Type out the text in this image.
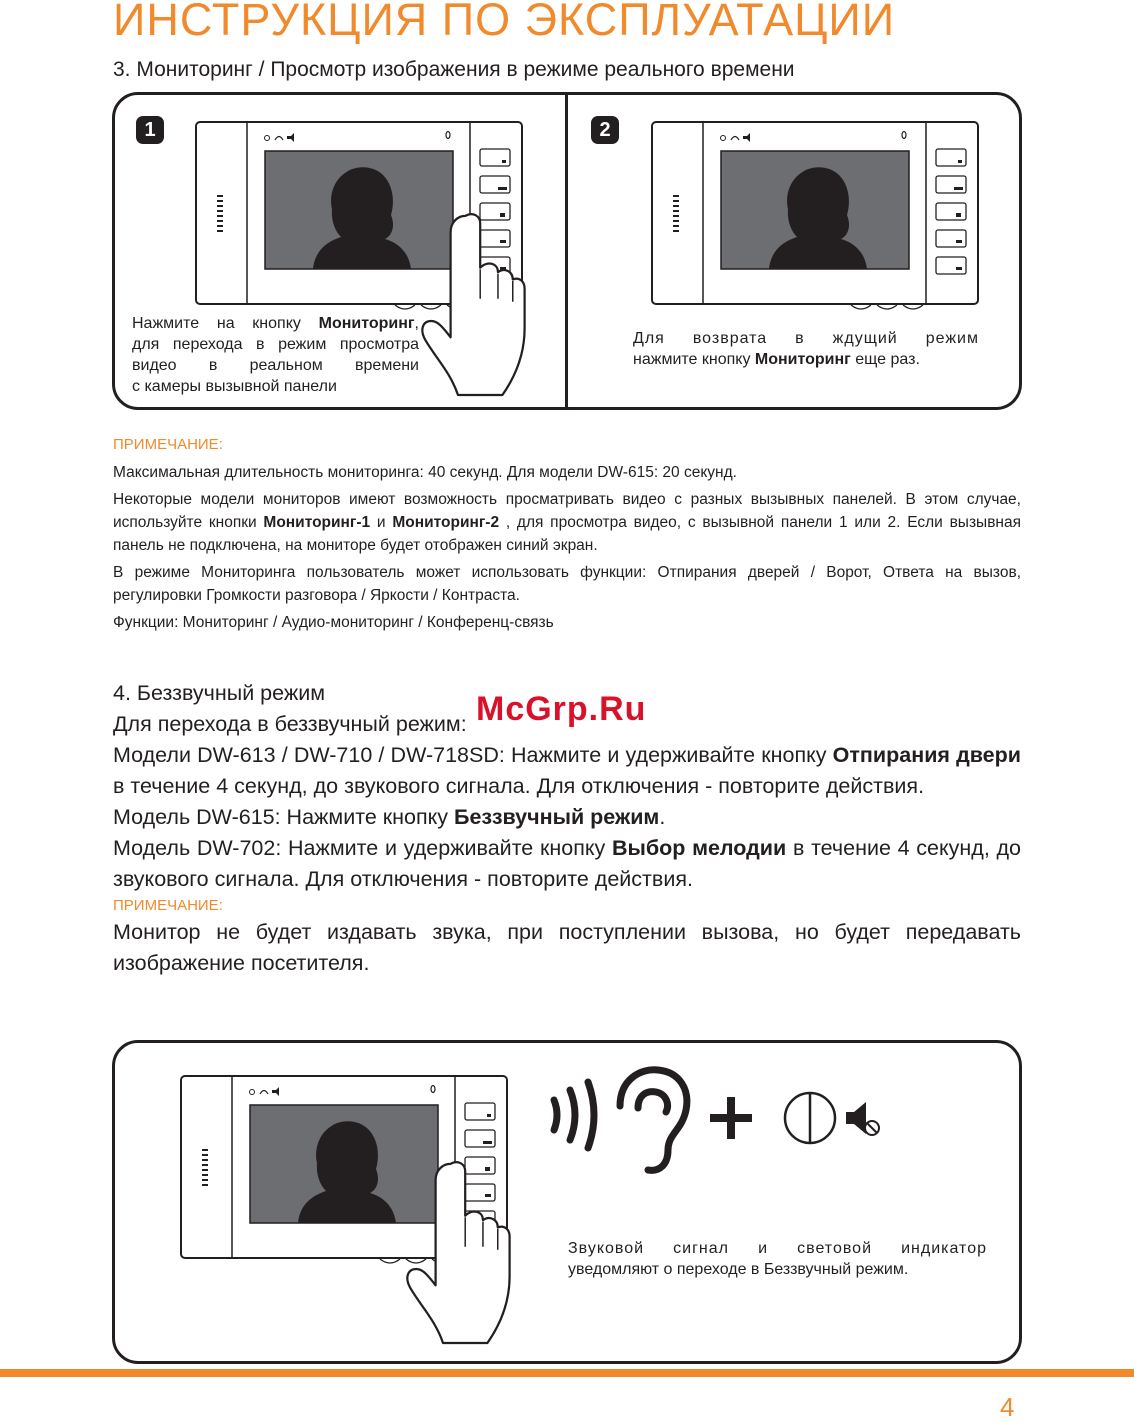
ИНСТРУКЦИЯ ПО ЭКСПЛУАТАЦИИ
3. Мониторинг / Просмотр изображения в режиме реального времени
1	2
Нажмите на кнопку Мониторинг,
для перехода в режим просмотра
видео в реальном времени
с камеры вызывной панели
Для возврата в ждущий режим
нажмите кнопку Мониторинг еще раз.
ПРИМЕЧАНИЕ:
Максимальная длительность мониторинга: 40 секунд. Для модели DW-615: 20 секунд.
Некоторые модели мониторов имеют возможность просматривать видео с разных вызывных панелей. В этом случае, используйте кнопки Мониторинг-1 и Мониторинг-2 , для просмотра видео, с вызывной панели 1 или 2. Если вызывная панель не подключена, на мониторе будет отображен синий экран.
В режиме Мониторинга пользователь может использовать функции: Отпирания дверей / Ворот, Ответа на вызов, регулировки Громкости разговора / Яркости / Контраста.
Функции: Мониторинг / Аудио-мониторинг / Конференц-связь
4. Беззвучный режим
Для перехода в беззвучный режим:
Модели DW-613 / DW-710 / DW-718SD: Нажмите и удерживайте кнопку Отпирания двери в течение 4 секунд, до звукового сигнала. Для отключения - повторите действия.
Модель DW-615: Нажмите кнопку Беззвучный режим.
Модель DW-702: Нажмите и удерживайте кнопку Выбор мелодии в течение 4 секунд, до звукового сигнала. Для отключения - повторите действия.
ПРИМЕЧАНИЕ:
Монитор не будет издавать звука, при поступлении вызова, но будет передавать изображение посетителя.
McGrp.Ru
Звуковой сигнал и световой индикатор
уведомляют о переходе в Беззвучный режим.
4
